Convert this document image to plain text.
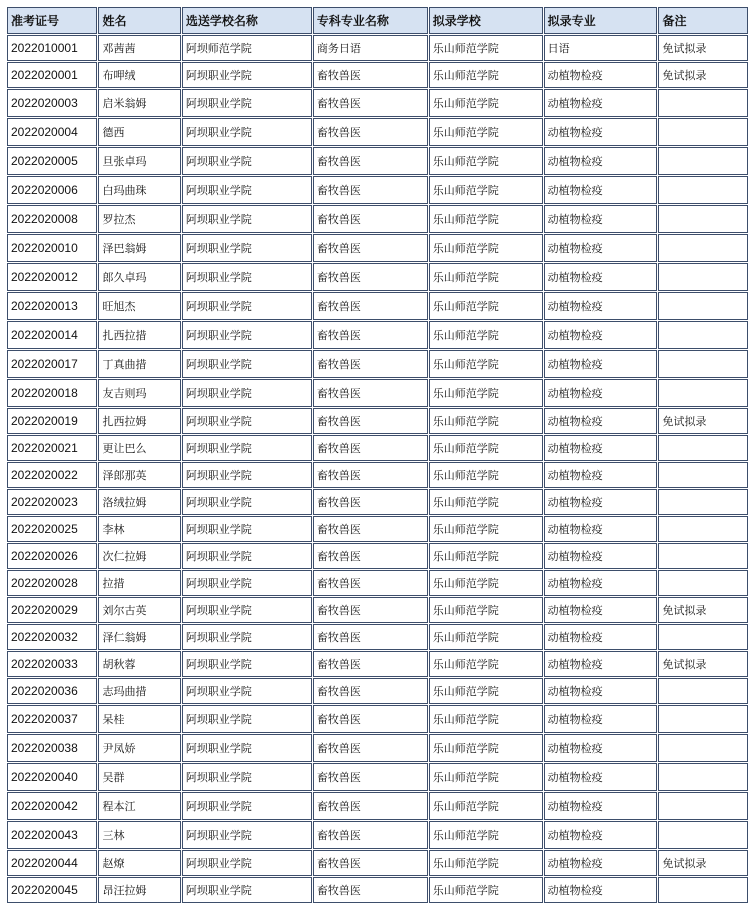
准考证号	姓名	选送学校名称	专科专业名称	拟录学校	拟录专业	备注
2022010001	邓茜茜	阿坝师范学院	商务日语	乐山师范学院	日语	免试拟录
2022020001	布呷绒	阿坝职业学院	畜牧兽医	乐山师范学院	动植物检疫	免试拟录
2022020003	启米翁姆	阿坝职业学院	畜牧兽医	乐山师范学院	动植物检疫	
2022020004	德西	阿坝职业学院	畜牧兽医	乐山师范学院	动植物检疫	
2022020005	旦张卓玛	阿坝职业学院	畜牧兽医	乐山师范学院	动植物检疫	
2022020006	白玛曲珠	阿坝职业学院	畜牧兽医	乐山师范学院	动植物检疫	
2022020008	罗拉杰	阿坝职业学院	畜牧兽医	乐山师范学院	动植物检疫	
2022020010	泽巴翁姆	阿坝职业学院	畜牧兽医	乐山师范学院	动植物检疫	
2022020012	郎久卓玛	阿坝职业学院	畜牧兽医	乐山师范学院	动植物检疫	
2022020013	旺旭杰	阿坝职业学院	畜牧兽医	乐山师范学院	动植物检疫	
2022020014	扎西拉措	阿坝职业学院	畜牧兽医	乐山师范学院	动植物检疫	
2022020017	丁真曲措	阿坝职业学院	畜牧兽医	乐山师范学院	动植物检疫	
2022020018	友吉则玛	阿坝职业学院	畜牧兽医	乐山师范学院	动植物检疫	
2022020019	扎西拉姆	阿坝职业学院	畜牧兽医	乐山师范学院	动植物检疫	免试拟录
2022020021	更让巴么	阿坝职业学院	畜牧兽医	乐山师范学院	动植物检疫	
2022020022	泽郎那英	阿坝职业学院	畜牧兽医	乐山师范学院	动植物检疫	
2022020023	洛绒拉姆	阿坝职业学院	畜牧兽医	乐山师范学院	动植物检疫	
2022020025	李林	阿坝职业学院	畜牧兽医	乐山师范学院	动植物检疫	
2022020026	次仁拉姆	阿坝职业学院	畜牧兽医	乐山师范学院	动植物检疫	
2022020028	拉措	阿坝职业学院	畜牧兽医	乐山师范学院	动植物检疫	
2022020029	刘尔古英	阿坝职业学院	畜牧兽医	乐山师范学院	动植物检疫	免试拟录
2022020032	泽仁翁姆	阿坝职业学院	畜牧兽医	乐山师范学院	动植物检疫	
2022020033	胡秋蓉	阿坝职业学院	畜牧兽医	乐山师范学院	动植物检疫	免试拟录
2022020036	志玛曲措	阿坝职业学院	畜牧兽医	乐山师范学院	动植物检疫	
2022020037	呆桂	阿坝职业学院	畜牧兽医	乐山师范学院	动植物检疫	
2022020038	尹凤娇	阿坝职业学院	畜牧兽医	乐山师范学院	动植物检疫	
2022020040	吴群	阿坝职业学院	畜牧兽医	乐山师范学院	动植物检疫	
2022020042	程本江	阿坝职业学院	畜牧兽医	乐山师范学院	动植物检疫	
2022020043	三林	阿坝职业学院	畜牧兽医	乐山师范学院	动植物检疫	
2022020044	赵燎	阿坝职业学院	畜牧兽医	乐山师范学院	动植物检疫	免试拟录
2022020045	昂汪拉姆	阿坝职业学院	畜牧兽医	乐山师范学院	动植物检疫	
